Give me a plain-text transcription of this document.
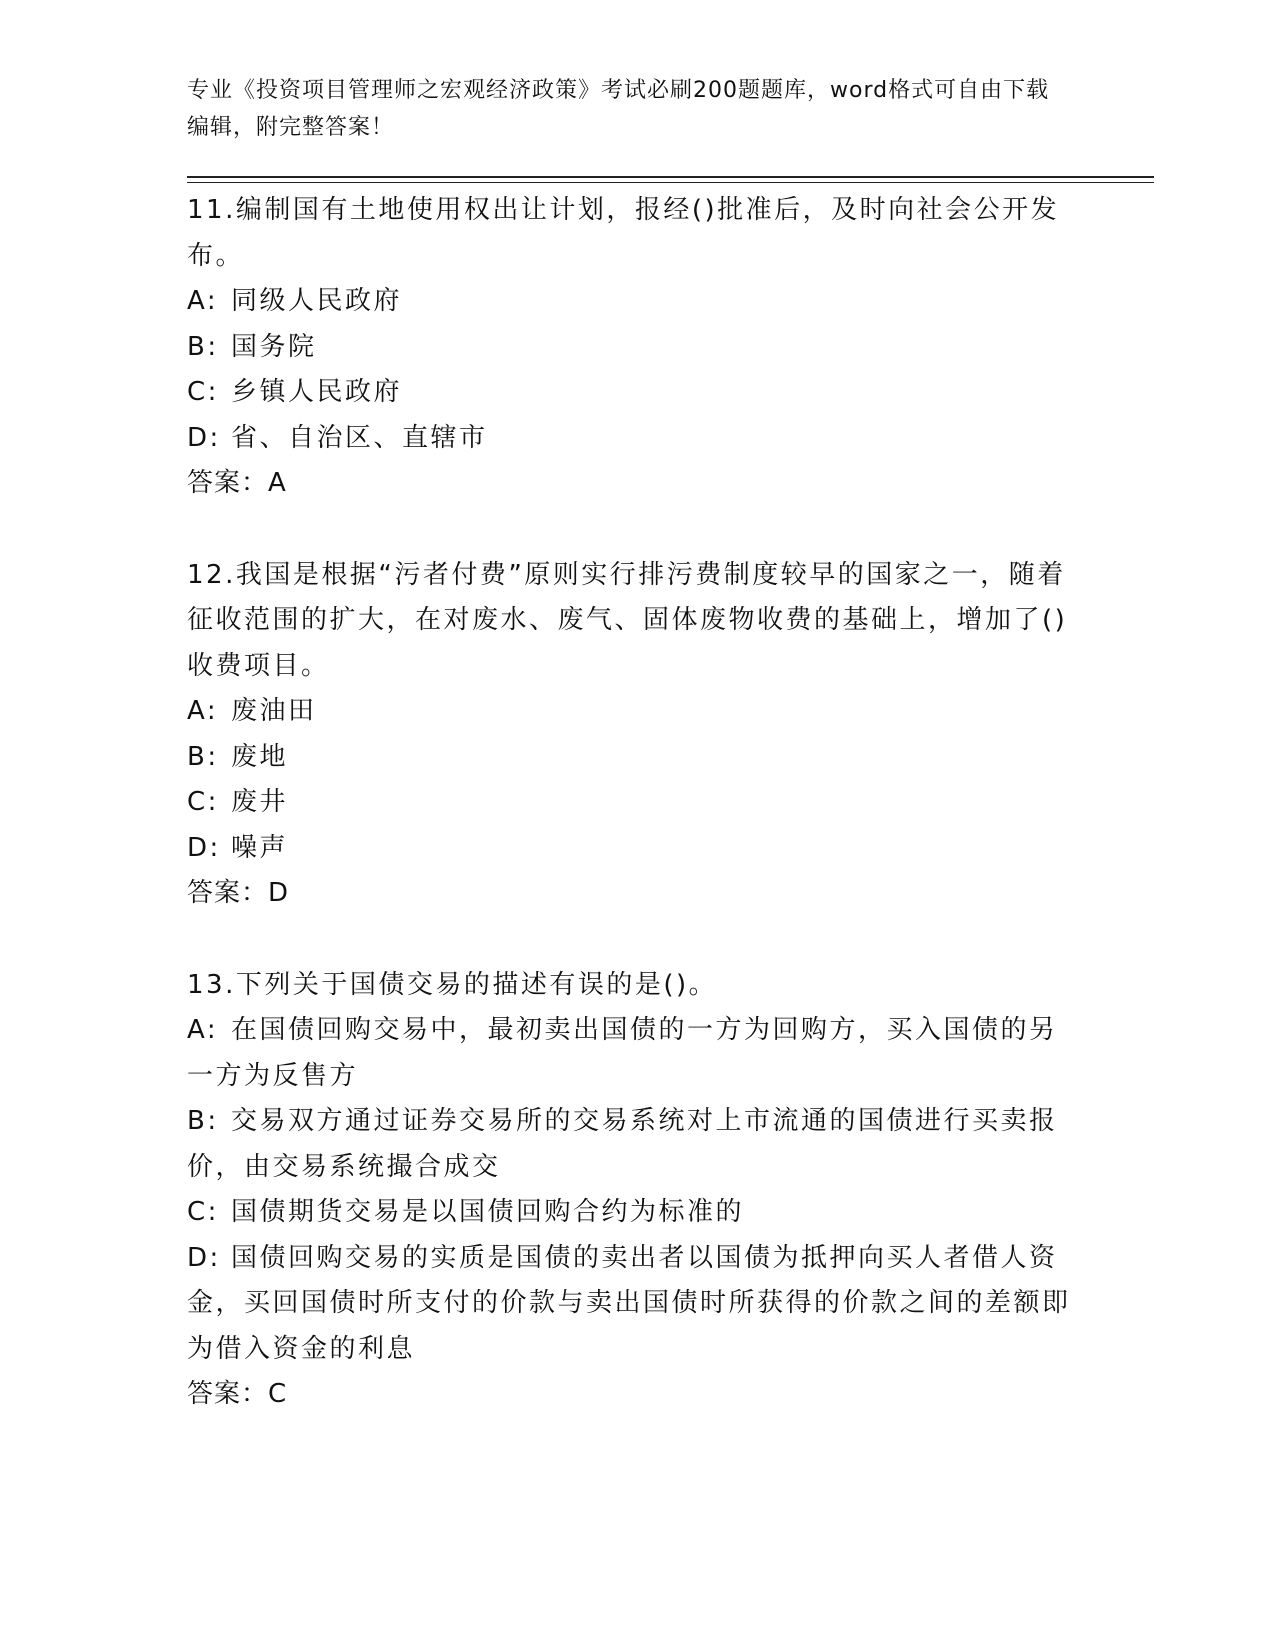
专业《投资项目管理师之宏观经济政策》考试必刷200题题库，word格式可自由下载编辑，附完整答案！
11.编制国有土地使用权出让计划，报经()批准后，及时向社会公开发布。
A: 同级人民政府
B: 国务院
C: 乡镇人民政府
D: 省、自治区、直辖市
答案：A
12.我国是根据“污者付费”原则实行排污费制度较早的国家之一，随着征收范围的扩大，在对废水、废气、固体废物收费的基础上，增加了()收费项目。
A: 废油田
B: 废地
C: 废井
D: 噪声
答案：D
13.下列关于国债交易的描述有误的是()。
A: 在国债回购交易中，最初卖出国债的一方为回购方，买入国债的另一方为反售方
B: 交易双方通过证券交易所的交易系统对上市流通的国债进行买卖报价，由交易系统撮合成交
C: 国债期货交易是以国债回购合约为标准的
D: 国债回购交易的实质是国债的卖出者以国债为抵押向买人者借人资金，买回国债时所支付的价款与卖出国债时所获得的价款之间的差额即为借入资金的利息
答案：C
